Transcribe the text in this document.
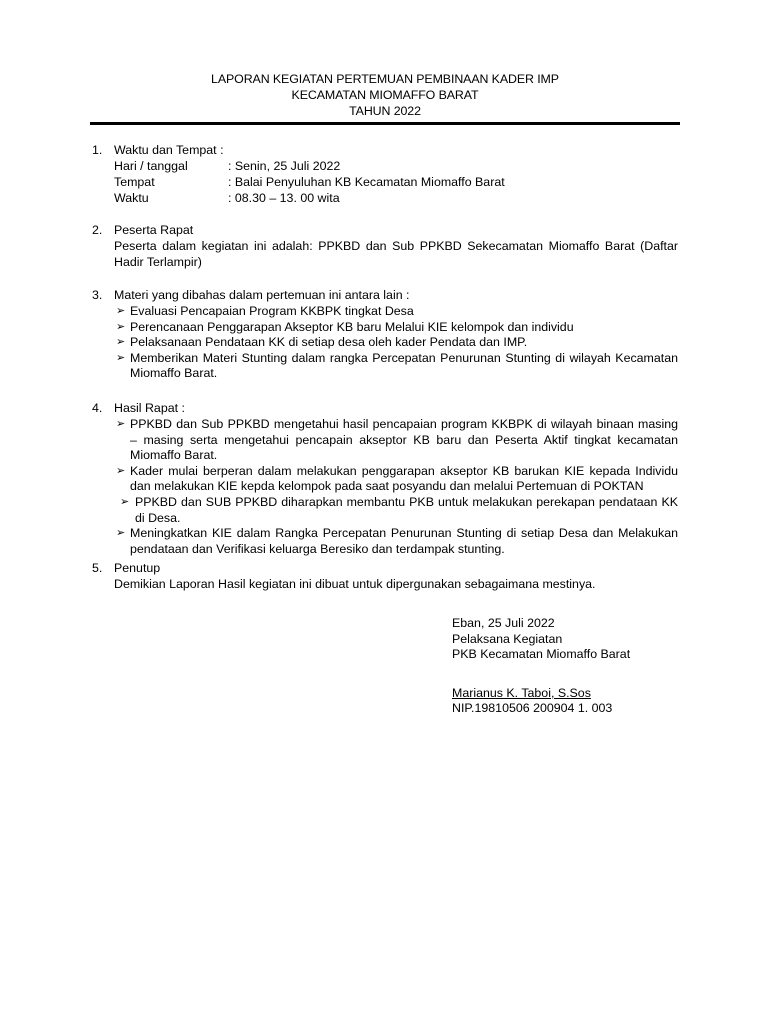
LAPORAN KEGIATAN PERTEMUAN PEMBINAAN KADER IMP
KECAMATAN MIOMAFFO BARAT
TAHUN 2022
1. Waktu dan Tempat :
Hari / tanggal	: Senin, 25 Juli 2022
Tempat	: Balai Penyuluhan KB Kecamatan Miomaffo Barat
Waktu	: 08.30 – 13. 00 wita
2. Peserta Rapat
Peserta dalam kegiatan ini adalah: PPKBD dan Sub PPKBD Sekecamatan Miomaffo Barat (Daftar Hadir Terlampir)
3. Materi yang dibahas dalam pertemuan ini antara lain :
➢ Evaluasi Pencapaian Program KKBPK tingkat Desa
➢ Perencanaan Penggarapan Akseptor KB baru Melalui KIE kelompok dan individu
➢ Pelaksanaan Pendataan KK di setiap desa oleh kader Pendata dan IMP.
➢ Memberikan Materi Stunting dalam rangka Percepatan Penurunan Stunting di wilayah Kecamatan Miomaffo Barat.
4. Hasil Rapat :
➢ PPKBD dan Sub PPKBD mengetahui hasil pencapaian program KKBPK di wilayah binaan masing – masing serta mengetahui pencapain akseptor KB baru dan Peserta Aktif tingkat kecamatan Miomaffo Barat.
➢ Kader mulai berperan dalam melakukan penggarapan akseptor KB barukan KIE kepada Individu dan melakukan KIE kepda kelompok pada saat posyandu dan melalui Pertemuan di POKTAN
➢ PPKBD dan SUB PPKBD diharapkan membantu PKB untuk melakukan perekapan pendataan KK di Desa.
➢ Meningkatkan KIE dalam Rangka Percepatan Penurunan Stunting di setiap Desa dan Melakukan pendataan dan Verifikasi keluarga Beresiko dan terdampak stunting.
5. Penutup
Demikian Laporan Hasil kegiatan ini dibuat untuk dipergunakan sebagaimana mestinya.
Eban, 25 Juli 2022
Pelaksana Kegiatan
PKB Kecamatan Miomaffo Barat
Marianus K. Taboi, S.Sos
NIP.19810506 200904 1. 003
